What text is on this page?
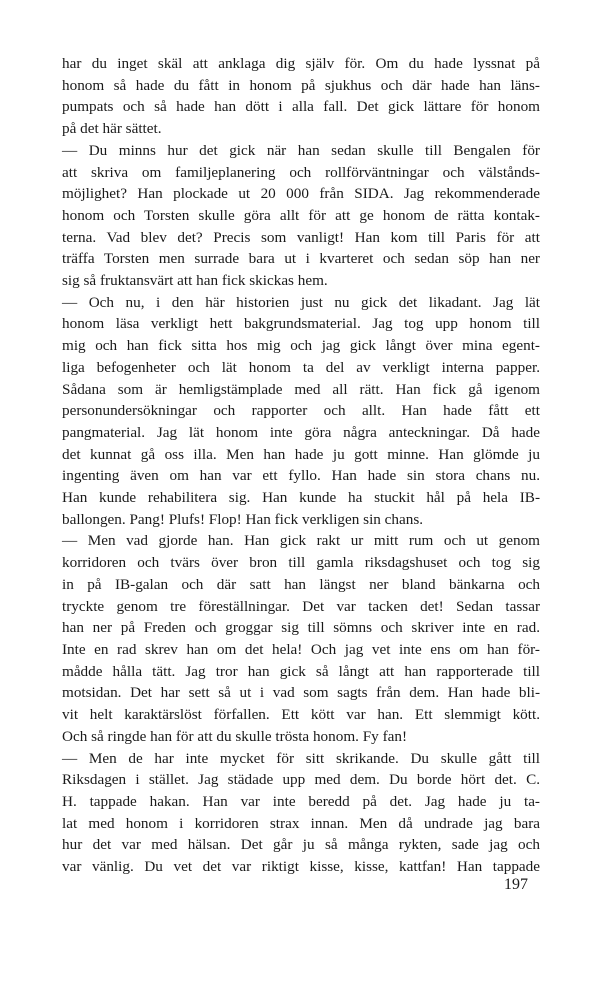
har du inget skäl att anklaga dig själv för. Om du hade lyssnat på
honom så hade du fått in honom på sjukhus och där hade han läns-
pumpats och så hade han dött i alla fall. Det gick lättare för honom
på det här sättet.

— Du minns hur det gick när han sedan skulle till Bengalen för
att skriva om familjeplanering och rollförväntningar och välstånds-
möjlighet? Han plockade ut 20 000 från SIDA. Jag rekommenderade
honom och Torsten skulle göra allt för att ge honom de rätta kontak-
terna. Vad blev det? Precis som vanligt! Han kom till Paris för att
träffa Torsten men surrade bara ut i kvarteret och sedan söp han ner
sig så fruktansvärt att han fick skickas hem.

— Och nu, i den här historien just nu gick det likadant. Jag lät
honom läsa verkligt hett bakgrundsmaterial. Jag tog upp honom till
mig och han fick sitta hos mig och jag gick långt över mina egent-
liga befogenheter och lät honom ta del av verkligt interna papper.
Sådana som är hemligstämplade med all rätt. Han fick gå igenom
personundersökningar och rapporter och allt. Han hade fått ett
pangmaterial. Jag lät honom inte göra några anteckningar. Då hade
det kunnat gå oss illa. Men han hade ju gott minne. Han glömde ju
ingenting även om han var ett fyllo. Han hade sin stora chans nu.
Han kunde rehabilitera sig. Han kunde ha stuckit hål på hela IB-
ballongen. Pang! Plufs! Flop! Han fick verkligen sin chans.

— Men vad gjorde han. Han gick rakt ur mitt rum och ut genom
korridoren och tvärs över bron till gamla riksdagshuset och tog sig
in på IB-galan och där satt han längst ner bland bänkarna och
tryckte genom tre föreställningar. Det var tacken det! Sedan tassar
han ner på Freden och groggar sig till sömns och skriver inte en rad.
Inte en rad skrev han om det hela! Och jag vet inte ens om han för-
mådde hålla tätt. Jag tror han gick så långt att han rapporterade till
motsidan. Det har sett så ut i vad som sagts från dem. Han hade bli-
vit helt karaktärslöst förfallen. Ett kött var han. Ett slemmigt kött.
Och så ringde han för att du skulle trösta honom. Fy fan!

— Men de har inte mycket för sitt skrikande. Du skulle gått till
Riksdagen i stället. Jag städade upp med dem. Du borde hört det. C.
H. tappade hakan. Han var inte beredd på det. Jag hade ju ta-
lat med honom i korridoren strax innan. Men då undrade jag bara
hur det var med hälsan. Det går ju så många rykten, sade jag och
var vänlig. Du vet det var riktigt kisse, kisse, kattfan! Han tappade

197
